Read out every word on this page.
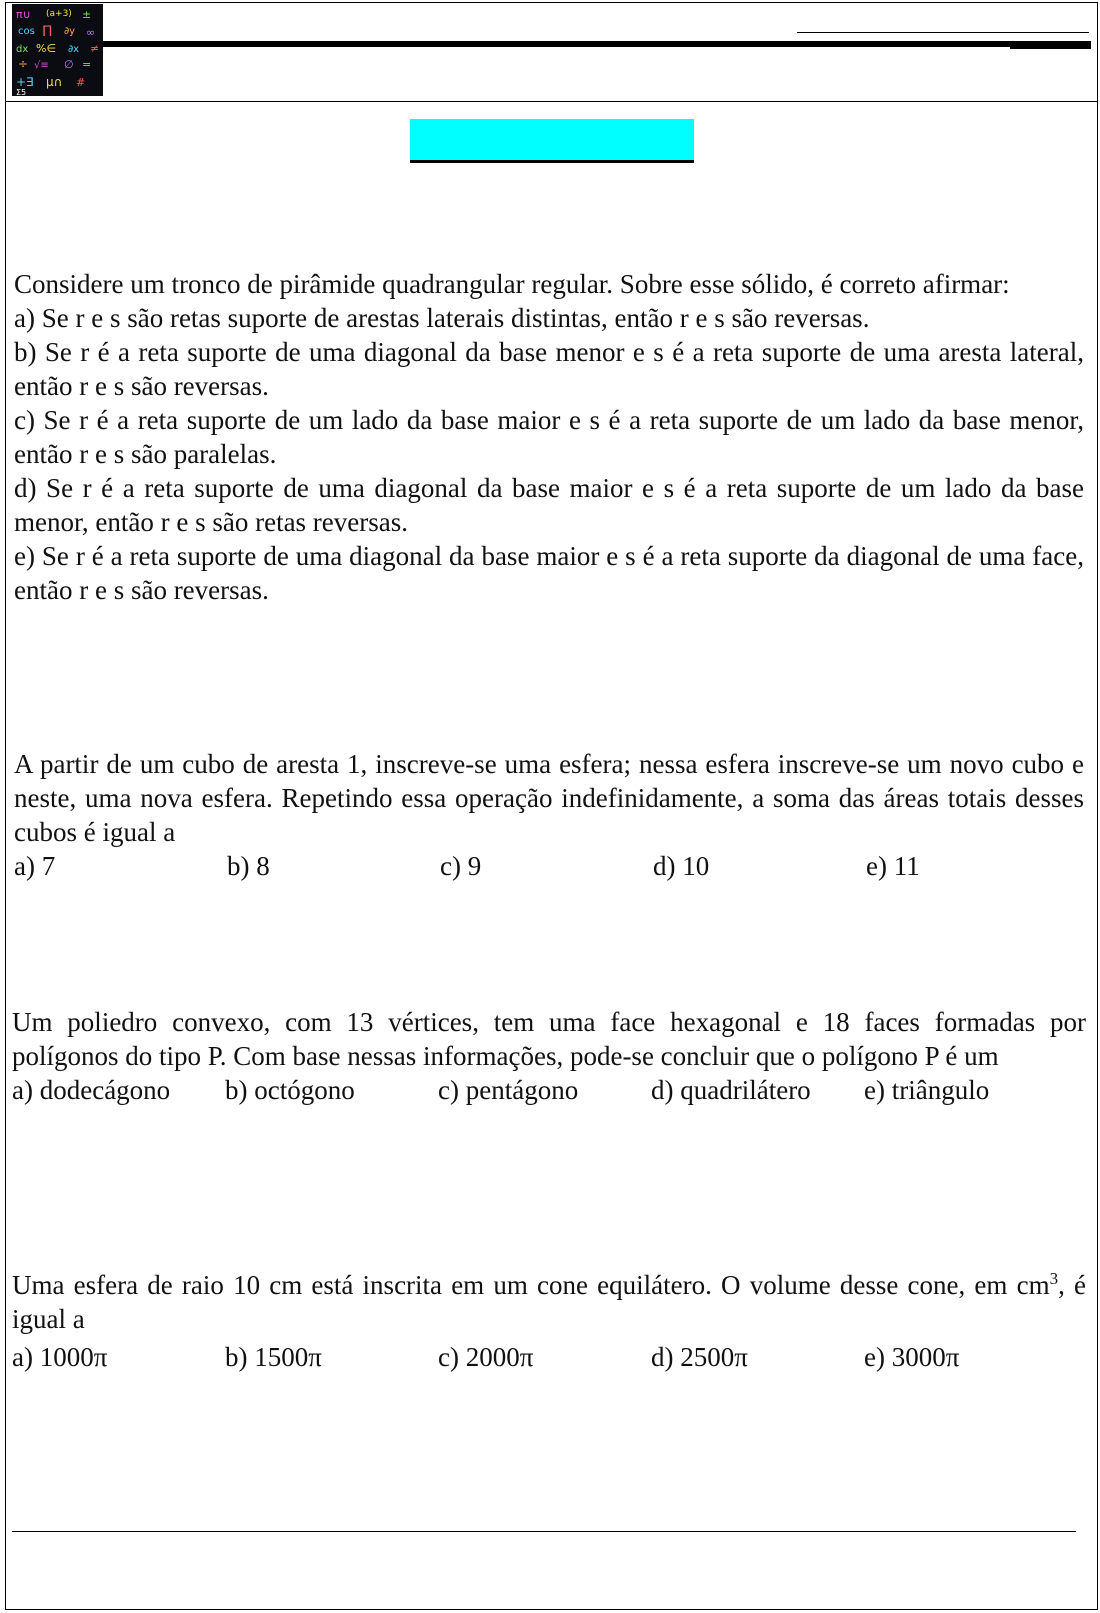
π∪ (a+3) ±
cos Π ∂y ∞
dx %∈ ∂x ≠
÷ √≡ ∅ =
+∃ μ∩ #
Σ5

Considere um tronco de pirâmide quadrangular regular. Sobre esse sólido, é correto afirmar:

a) Se r e s são retas suporte de arestas laterais distintas, então r e s são reversas.

b) Se r é a reta suporte de uma diagonal da base menor e s é a reta suporte de uma aresta lateral, então r e s são reversas.

c) Se r é a reta suporte de um lado da base maior e s é a reta suporte de um lado da base menor, então r e s são paralelas.

d) Se r é a reta suporte de uma diagonal da base maior e s é a reta suporte de um lado da base menor, então r e s são retas reversas.

e) Se r é a reta suporte de uma diagonal da base maior e s é a reta suporte da diagonal de uma face, então r e s são reversas.

A partir de um cubo de aresta 1, inscreve-se uma esfera; nessa esfera inscreve-se um novo cubo e neste, uma nova esfera. Repetindo essa operação indefinidamente, a soma das áreas totais desses cubos é igual a

a) 7	b) 8	c) 9	d) 10	e) 11

Um poliedro convexo, com 13 vértices, tem uma face hexagonal e 18 faces formadas por polígonos do tipo P. Com base nessas informações, pode-se concluir que o polígono P é um

a) dodecágono	b) octógono	c) pentágono	d) quadrilátero	e) triângulo

Uma esfera de raio 10 cm está inscrita em um cone equilátero. O volume desse cone, em $cm^3$, é igual a

a) 1000π	b) 1500π	c) 2000π	d) 2500π	e) 3000π
